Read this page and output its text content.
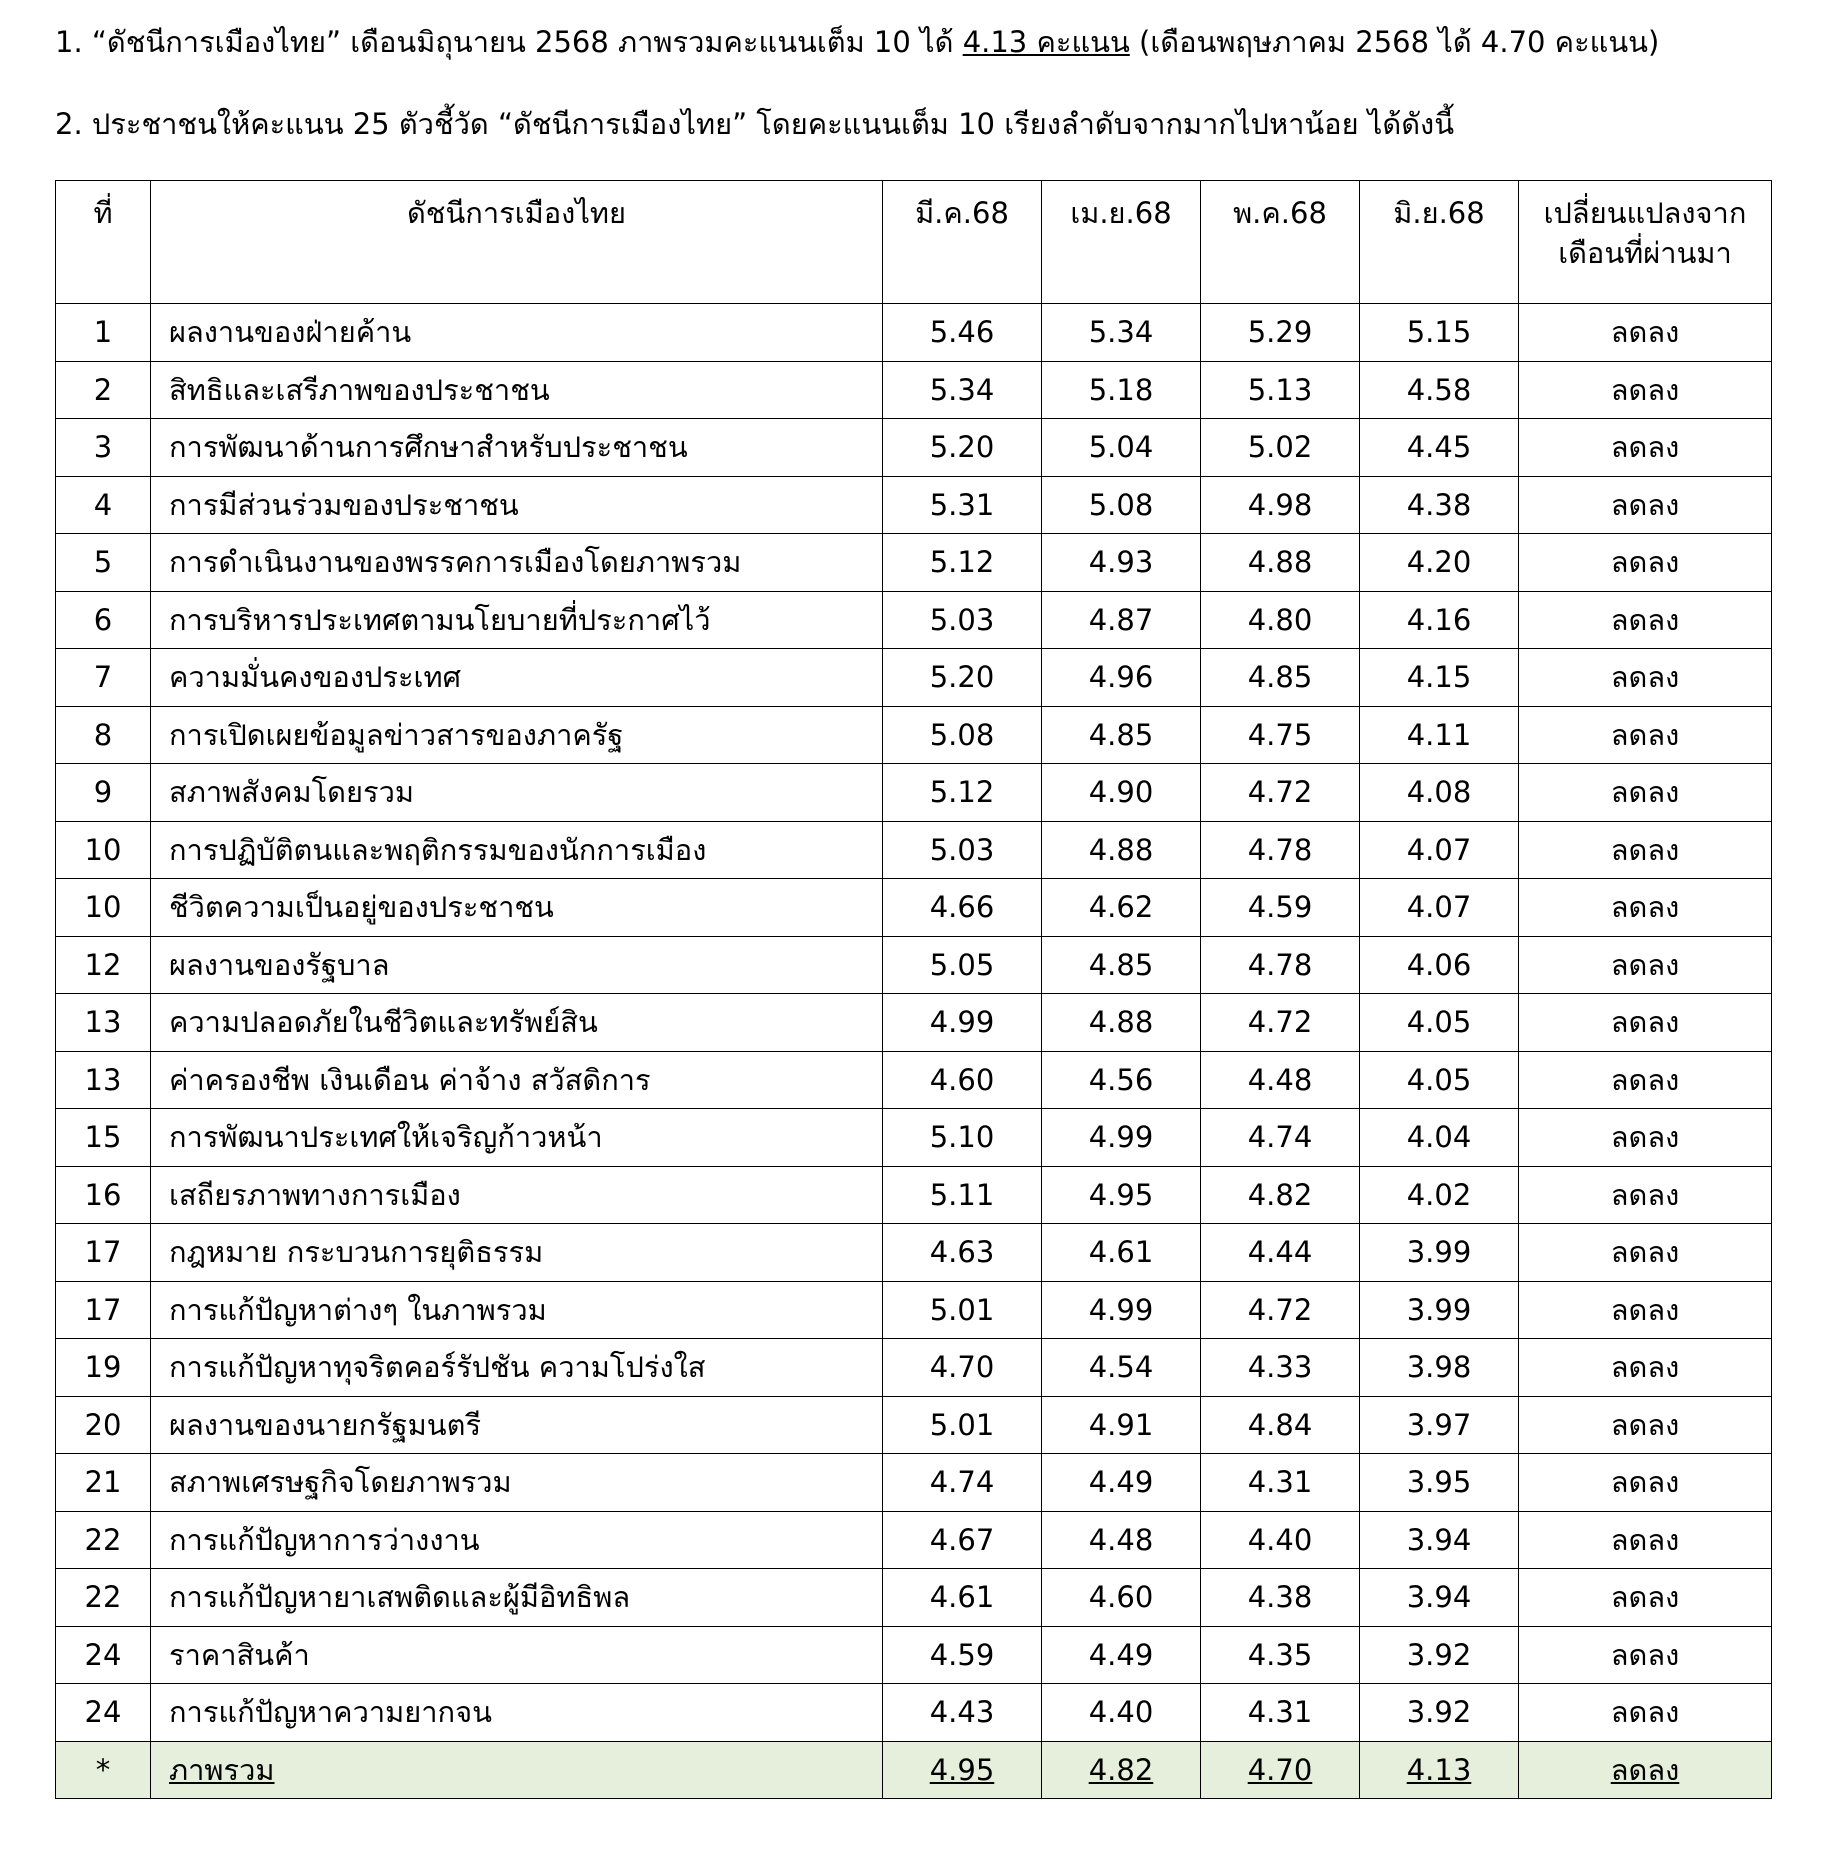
1. “ดัชนีการเมืองไทย” เดือนมิถุนายน 2568 ภาพรวมคะแนนเต็ม 10 ได้ 4.13 คะแนน (เดือนพฤษภาคม 2568 ได้ 4.70 คะแนน)
2. ประชาชนให้คะแนน 25 ตัวชี้วัด “ดัชนีการเมืองไทย” โดยคะแนนเต็ม 10 เรียงลำดับจากมากไปหาน้อย ได้ดังนี้
ที่	ดัชนีการเมืองไทย	มี.ค.68	เม.ย.68	พ.ค.68	มิ.ย.68	เปลี่ยนแปลงจาก
เดือนที่ผ่านมา
1	ผลงานของฝ่ายค้าน	5.46	5.34	5.29	5.15	ลดลง
2	สิทธิและเสรีภาพของประชาชน	5.34	5.18	5.13	4.58	ลดลง
3	การพัฒนาด้านการศึกษาสำหรับประชาชน	5.20	5.04	5.02	4.45	ลดลง
4	การมีส่วนร่วมของประชาชน	5.31	5.08	4.98	4.38	ลดลง
5	การดำเนินงานของพรรคการเมืองโดยภาพรวม	5.12	4.93	4.88	4.20	ลดลง
6	การบริหารประเทศตามนโยบายที่ประกาศไว้	5.03	4.87	4.80	4.16	ลดลง
7	ความมั่นคงของประเทศ	5.20	4.96	4.85	4.15	ลดลง
8	การเปิดเผยข้อมูลข่าวสารของภาครัฐ	5.08	4.85	4.75	4.11	ลดลง
9	สภาพสังคมโดยรวม	5.12	4.90	4.72	4.08	ลดลง
10	การปฏิบัติตนและพฤติกรรมของนักการเมือง	5.03	4.88	4.78	4.07	ลดลง
10	ชีวิตความเป็นอยู่ของประชาชน	4.66	4.62	4.59	4.07	ลดลง
12	ผลงานของรัฐบาล	5.05	4.85	4.78	4.06	ลดลง
13	ความปลอดภัยในชีวิตและทรัพย์สิน	4.99	4.88	4.72	4.05	ลดลง
13	ค่าครองชีพ เงินเดือน ค่าจ้าง สวัสดิการ	4.60	4.56	4.48	4.05	ลดลง
15	การพัฒนาประเทศให้เจริญก้าวหน้า	5.10	4.99	4.74	4.04	ลดลง
16	เสถียรภาพทางการเมือง	5.11	4.95	4.82	4.02	ลดลง
17	กฎหมาย กระบวนการยุติธรรม	4.63	4.61	4.44	3.99	ลดลง
17	การแก้ปัญหาต่างๆ ในภาพรวม	5.01	4.99	4.72	3.99	ลดลง
19	การแก้ปัญหาทุจริตคอร์รัปชัน ความโปร่งใส	4.70	4.54	4.33	3.98	ลดลง
20	ผลงานของนายกรัฐมนตรี	5.01	4.91	4.84	3.97	ลดลง
21	สภาพเศรษฐกิจโดยภาพรวม	4.74	4.49	4.31	3.95	ลดลง
22	การแก้ปัญหาการว่างงาน	4.67	4.48	4.40	3.94	ลดลง
22	การแก้ปัญหายาเสพติดและผู้มีอิทธิพล	4.61	4.60	4.38	3.94	ลดลง
24	ราคาสินค้า	4.59	4.49	4.35	3.92	ลดลง
24	การแก้ปัญหาความยากจน	4.43	4.40	4.31	3.92	ลดลง
*	ภาพรวม	4.95	4.82	4.70	4.13	ลดลง
